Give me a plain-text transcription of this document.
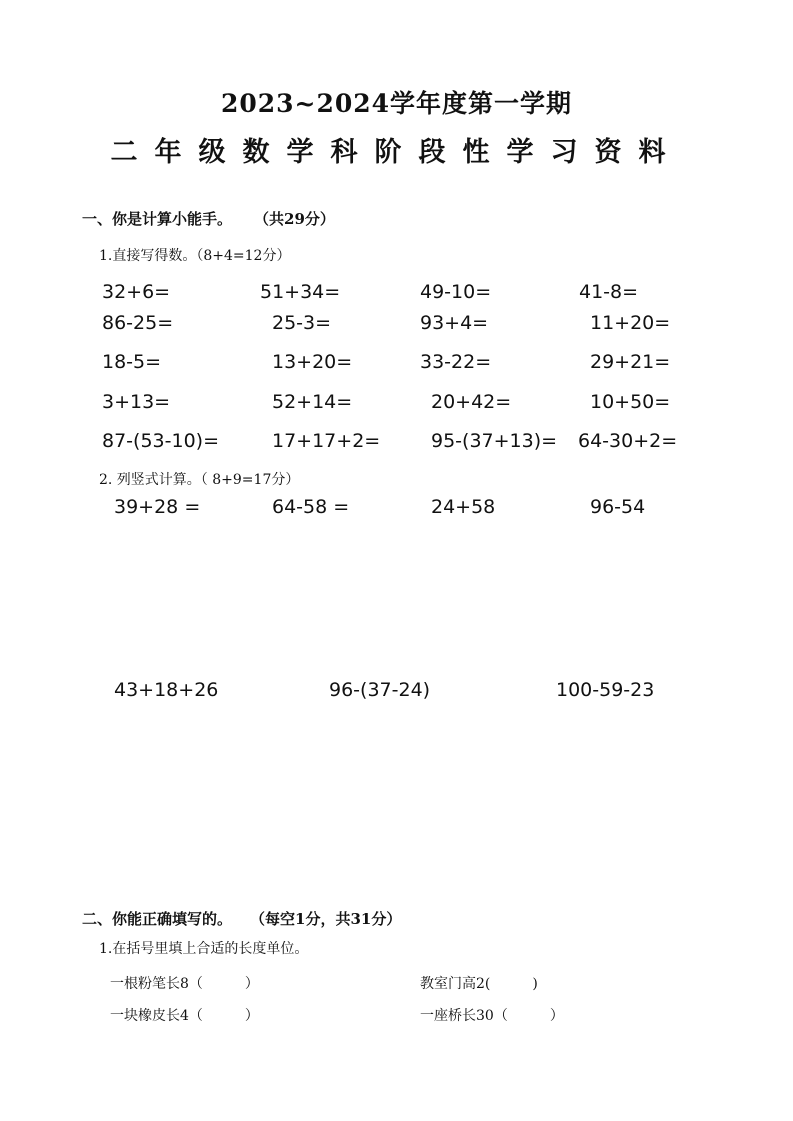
2023~2024学年度第一学期
二年级数学科阶段性学习资料
一、你是计算小能手。 （共29分）
1.直接写得数。（8+4=12分）
32+6=	51+34=	49-10=	41-8=
86-25=	25-3=	93+4=	11+20=
18-5=	13+20=	33-22=	29+21=
3+13=	52+14=	20+42=	10+50=
87-(53-10)=	17+17+2=	95-(37+13)= 64-30+2=
2. 列竖式计算。（ 8+9=17分）
39+28 =	64-58 =	24+58	96-54
43+18+26	96-(37-24)	100-59-23
二、你能正确填写的。 （每空1分，共31分）
1.在括号里填上合适的长度单位。
一根粉笔长8（　　　）	教室门高2(　　　)
一块橡皮长4（　　　）	一座桥长30（　　　）
